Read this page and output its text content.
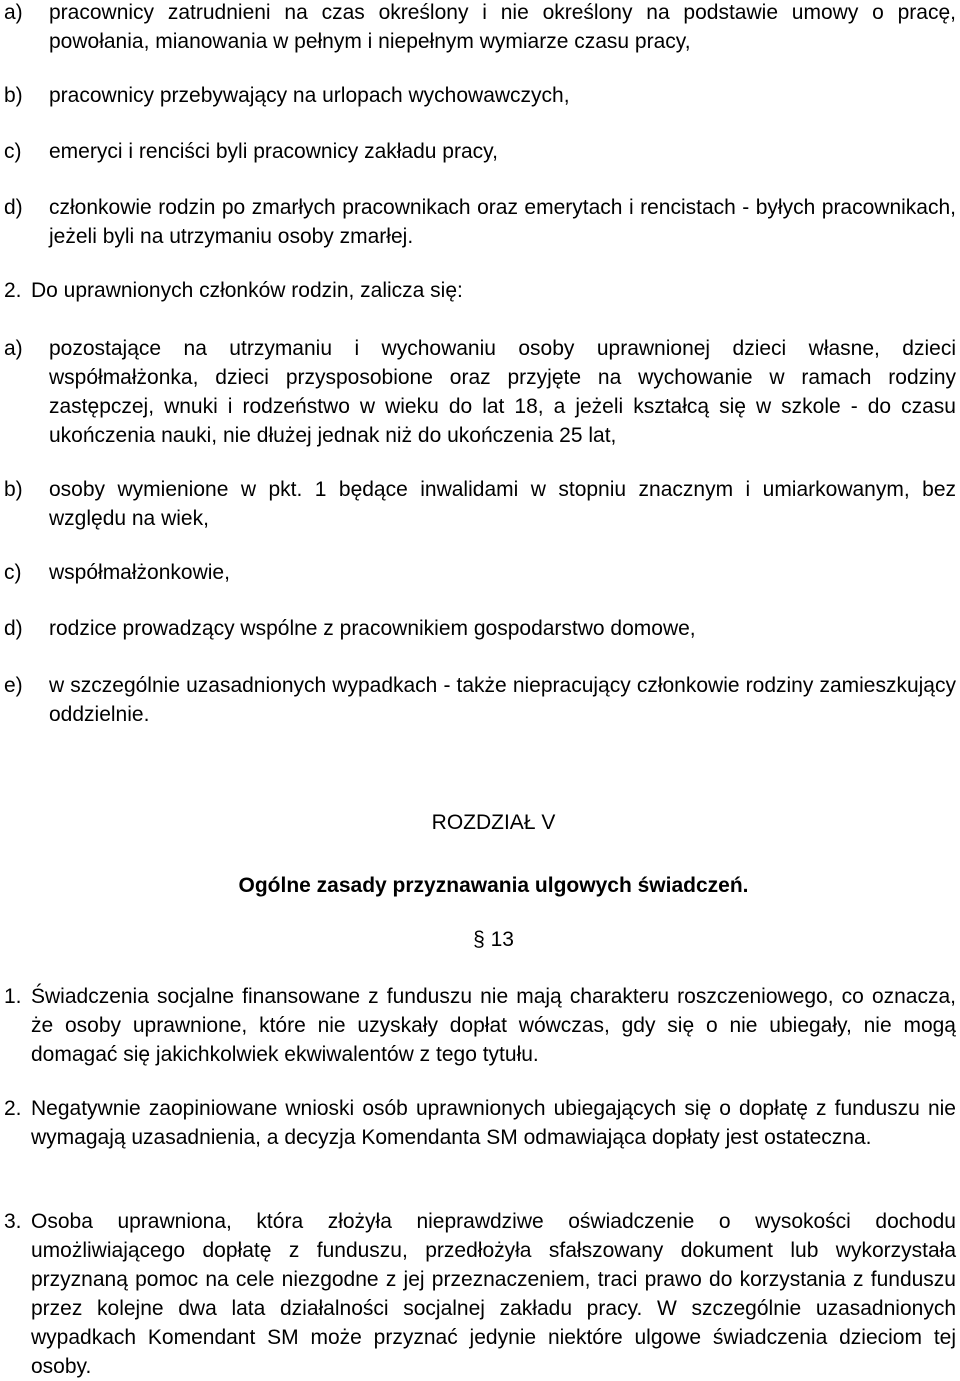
a)	pracownicy zatrudnieni na czas określony i nie określony na podstawie umowy o pracę, powołania, mianowania w pełnym i niepełnym wymiarze czasu pracy,
b)	pracownicy przebywający na urlopach wychowawczych,
c)	emeryci i renciści byli pracownicy zakładu pracy,
d)	członkowie rodzin po zmarłych pracownikach oraz emerytach i rencistach - byłych pracownikach, jeżeli byli na utrzymaniu osoby zmarłej.
2. Do uprawnionych członków rodzin, zalicza się:
a)	pozostające na utrzymaniu i wychowaniu osoby uprawnionej dzieci własne, dzieci współmałżonka, dzieci przysposobione oraz przyjęte na wychowanie w ramach rodziny zastępczej, wnuki i rodzeństwo w wieku do lat 18, a jeżeli kształcą się w szkole - do czasu ukończenia nauki, nie dłużej jednak niż do ukończenia 25 lat,
b)	osoby wymienione w pkt. 1 będące inwalidami w stopniu znacznym i umiarkowanym, bez względu na wiek,
c)	współmałżonkowie,
d)	rodzice prowadzący wspólne z pracownikiem gospodarstwo domowe,
e)	w szczególnie uzasadnionych wypadkach - także niepracujący członkowie rodziny zamieszkujący oddzielnie.
ROZDZIAŁ V
Ogólne zasady przyznawania ulgowych świadczeń.
§ 13
1. Świadczenia socjalne finansowane z funduszu nie mają charakteru roszczeniowego, co oznacza, że osoby uprawnione, które nie uzyskały dopłat wówczas, gdy się o nie ubiegały, nie mogą domagać się jakichkolwiek ekwiwalentów z tego tytułu.
2. Negatywnie zaopiniowane wnioski osób uprawnionych ubiegających się o dopłatę z funduszu nie wymagają uzasadnienia, a decyzja Komendanta SM odmawiająca dopłaty jest ostateczna.
3. Osoba uprawniona, która złożyła nieprawdziwe oświadczenie o wysokości dochodu umożliwiającego dopłatę z funduszu, przedłożyła sfałszowany dokument lub wykorzystała przyznaną pomoc na cele niezgodne z jej przeznaczeniem, traci prawo do korzystania z funduszu przez kolejne dwa lata działalności socjalnej zakładu pracy. W szczególnie uzasadnionych wypadkach Komendant SM może przyznać jedynie niektóre ulgowe świadczenia dzieciom tej osoby.
